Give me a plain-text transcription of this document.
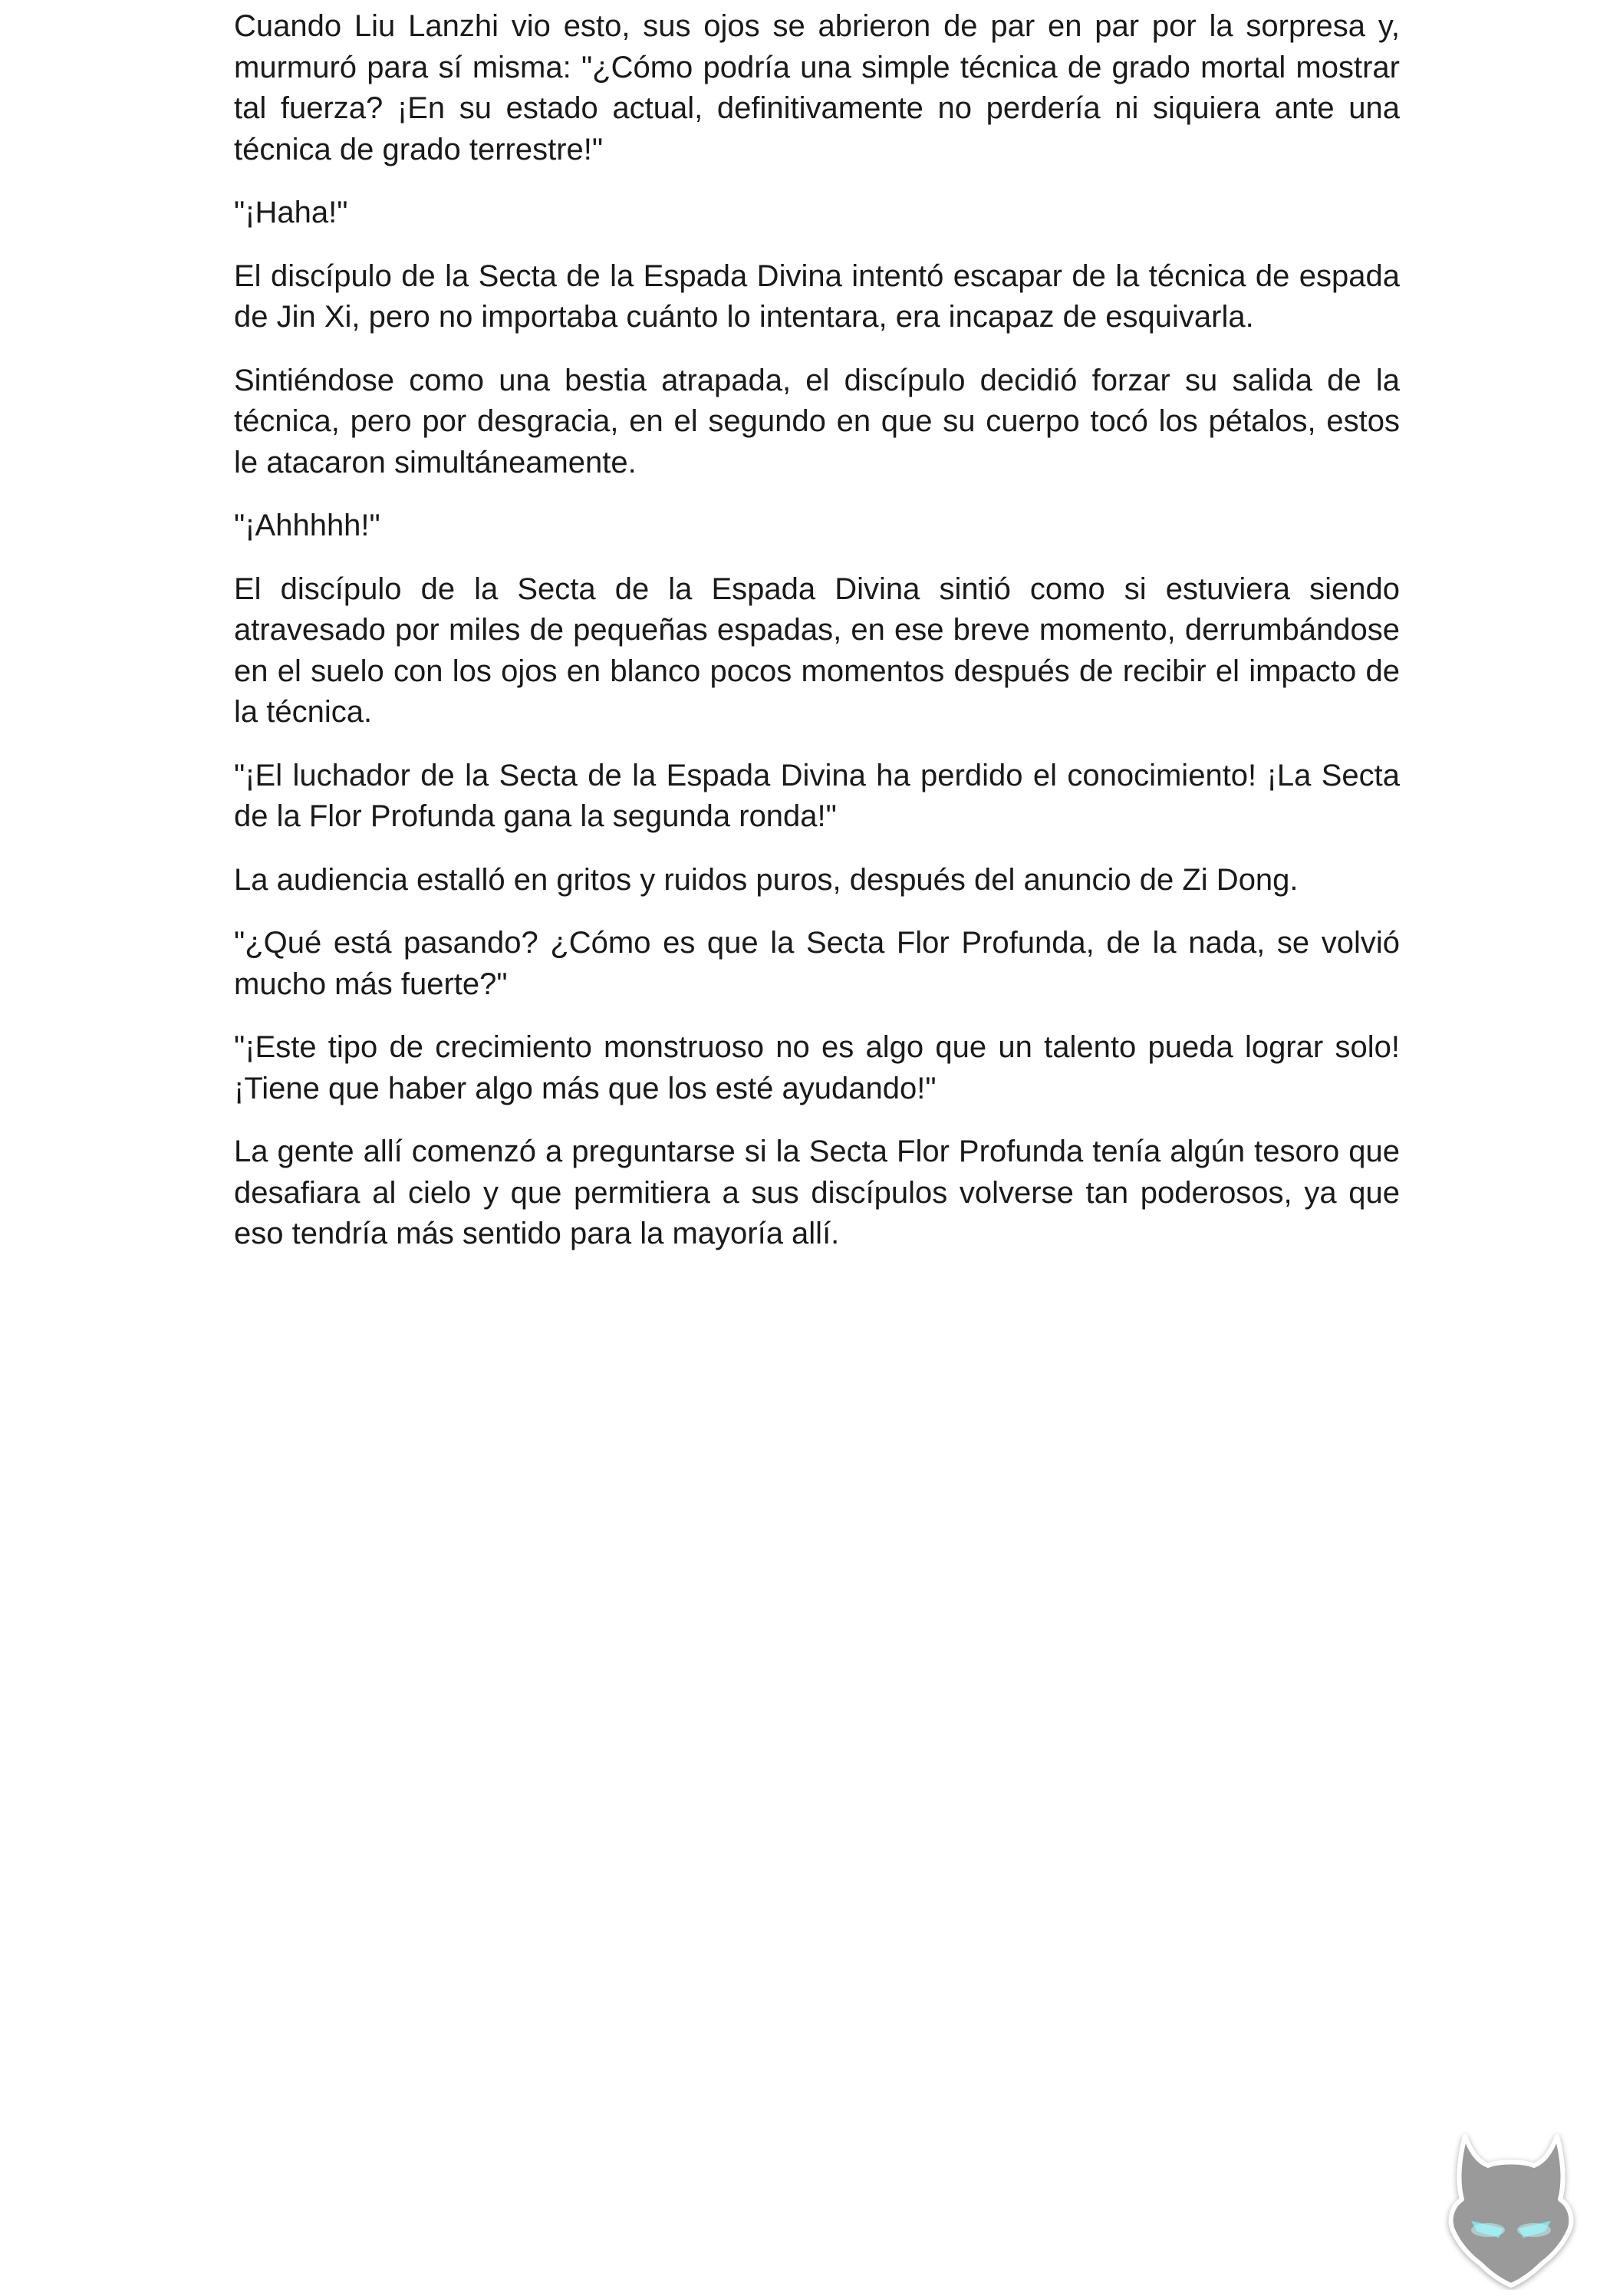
Cuando Liu Lanzhi vio esto, sus ojos se abrieron de par en par por la sorpresa y, murmuró para sí misma: "¿Cómo podría una simple técnica de grado mortal mostrar tal fuerza? ¡En su estado actual, definitivamente no perdería ni siquiera ante una técnica de grado terrestre!"

"¡Haha!"

El discípulo de la Secta de la Espada Divina intentó escapar de la técnica de espada de Jin Xi, pero no importaba cuánto lo intentara, era incapaz de esquivarla.

Sintiéndose como una bestia atrapada, el discípulo decidió forzar su salida de la técnica, pero por desgracia, en el segundo en que su cuerpo tocó los pétalos, estos le atacaron simultáneamente.

"¡Ahhhhh!"

El discípulo de la Secta de la Espada Divina sintió como si estuviera siendo atravesado por miles de pequeñas espadas, en ese breve momento, derrumbándose en el suelo con los ojos en blanco pocos momentos después de recibir el impacto de la técnica.

"¡El luchador de la Secta de la Espada Divina ha perdido el conocimiento! ¡La Secta de la Flor Profunda gana la segunda ronda!"

La audiencia estalló en gritos y ruidos puros, después del anuncio de Zi Dong.

"¿Qué está pasando? ¿Cómo es que la Secta Flor Profunda, de la nada, se volvió mucho más fuerte?"

"¡Este tipo de crecimiento monstruoso no es algo que un talento pueda lograr solo! ¡Tiene que haber algo más que los esté ayudando!"

La gente allí comenzó a preguntarse si la Secta Flor Profunda tenía algún tesoro que desafiara al cielo y que permitiera a sus discípulos volverse tan poderosos, ya que eso tendría más sentido para la mayoría allí.
